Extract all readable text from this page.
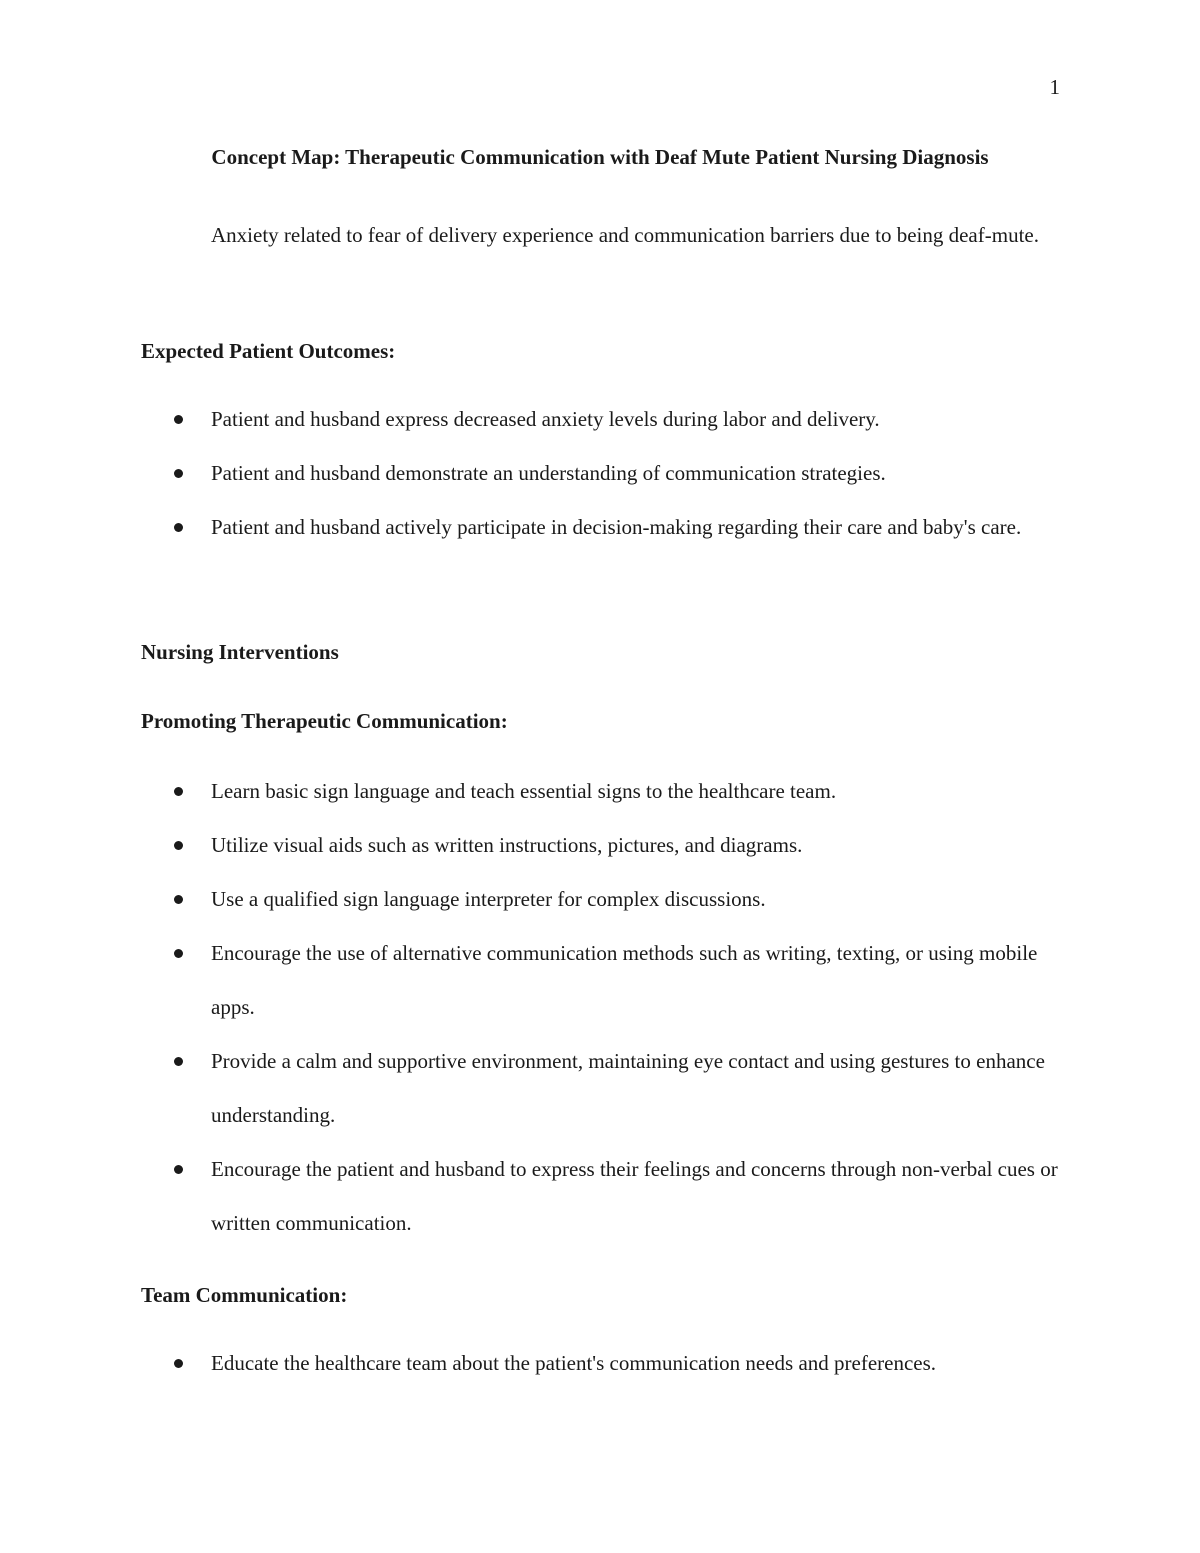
1
Concept Map: Therapeutic Communication with Deaf Mute Patient Nursing Diagnosis
Anxiety related to fear of delivery experience and communication barriers due to being deaf-mute.
Expected Patient Outcomes:
Patient and husband express decreased anxiety levels during labor and delivery.
Patient and husband demonstrate an understanding of communication strategies.
Patient and husband actively participate in decision-making regarding their care and baby's care.
Nursing Interventions
Promoting Therapeutic Communication:
Learn basic sign language and teach essential signs to the healthcare team.
Utilize visual aids such as written instructions, pictures, and diagrams.
Use a qualified sign language interpreter for complex discussions.
Encourage the use of alternative communication methods such as writing, texting, or using mobile apps.
Provide a calm and supportive environment, maintaining eye contact and using gestures to enhance understanding.
Encourage the patient and husband to express their feelings and concerns through non-verbal cues or written communication.
Team Communication:
Educate the healthcare team about the patient's communication needs and preferences.
